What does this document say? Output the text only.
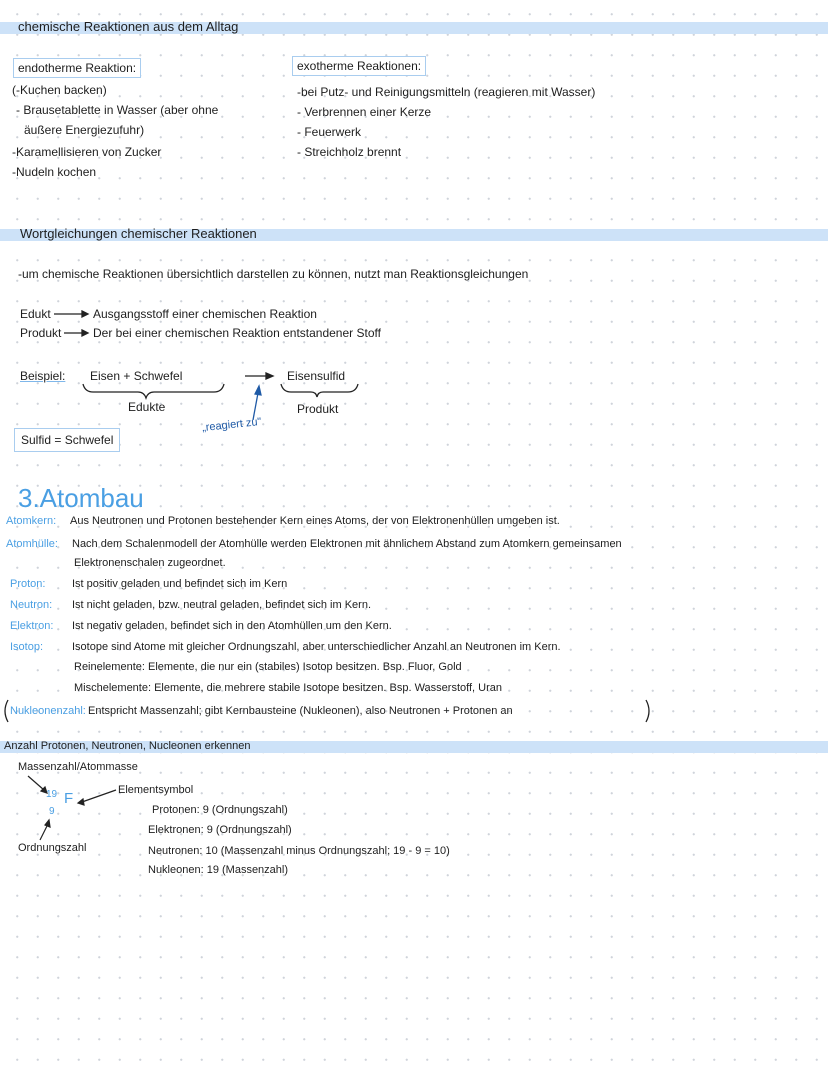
chemische Reaktionen aus dem Alltag
endotherme Reaktion:
(-Kuchen backen)
- Brausetablette in Wasser (aber ohne
äußere Energiezufuhr)
-Karamellisieren von Zucker
-Nudeln kochen
exotherme Reaktionen:
-bei Putz- und Reinigungsmitteln (reagieren mit Wasser)
- Verbrennen einer Kerze
- Feuerwerk
- Streichholz brennt
Wortgleichungen chemischer Reaktionen
-um chemische Reaktionen übersichtlich darstellen zu können, nutzt man Reaktionsgleichungen
Edukt	Ausgangsstoff einer chemischen Reaktion
Produkt	Der bei einer chemischen Reaktion entstandener Stoff
Beispiel: Eisen + Schwefel	Eisensulfid
Edukte	Produkt
„reagiert zu"
Sulfid = Schwefel
3.Atombau
Atomkern: Aus Neutronen und Protonen bestehender Kern eines Atoms, der von Elektronenhüllen umgeben ist.
Atomhülle: Nach dem Schalenmodell der Atomhülle werden Elektronen mit ähnlichem Abstand zum Atomkern gemeinsamen
Elektronenschalen zugeordnet.
Proton: Ist positiv geladen und befindet sich im Kern
Neutron: Ist nicht geladen, bzw. neutral geladen, befindet sich im Kern.
Elektron: Ist negativ geladen, befindet sich in den Atomhüllen um den Kern.
Isotop:	Isotope sind Atome mit gleicher Ordnungszahl, aber unterschiedlicher Anzahl an Neutronen im Kern.
Reinelemente: Elemente, die nur ein (stabiles) Isotop besitzen. Bsp. Fluor, Gold
Mischelemente: Elemente, die mehrere stabile Isotope besitzen. Bsp. Wasserstoff, Uran
Nukleonenzahl: Entspricht Massenzahl; gibt Kernbausteine (Nukleonen), also Neutronen + Protonen an
Anzahl Protonen, Neutronen, Nucleonen erkennen
Massenzahl/Atommasse
19 F
9
Elementsymbol
Ordnungszahl
Protonen: 9 (Ordnungszahl)
Elektronen: 9 (Ordnungszahl)
Neutronen: 10 (Massenzahl minus Ordnungszahl; 19 - 9 = 10)
Nukleonen: 19 (Massenzahl)
